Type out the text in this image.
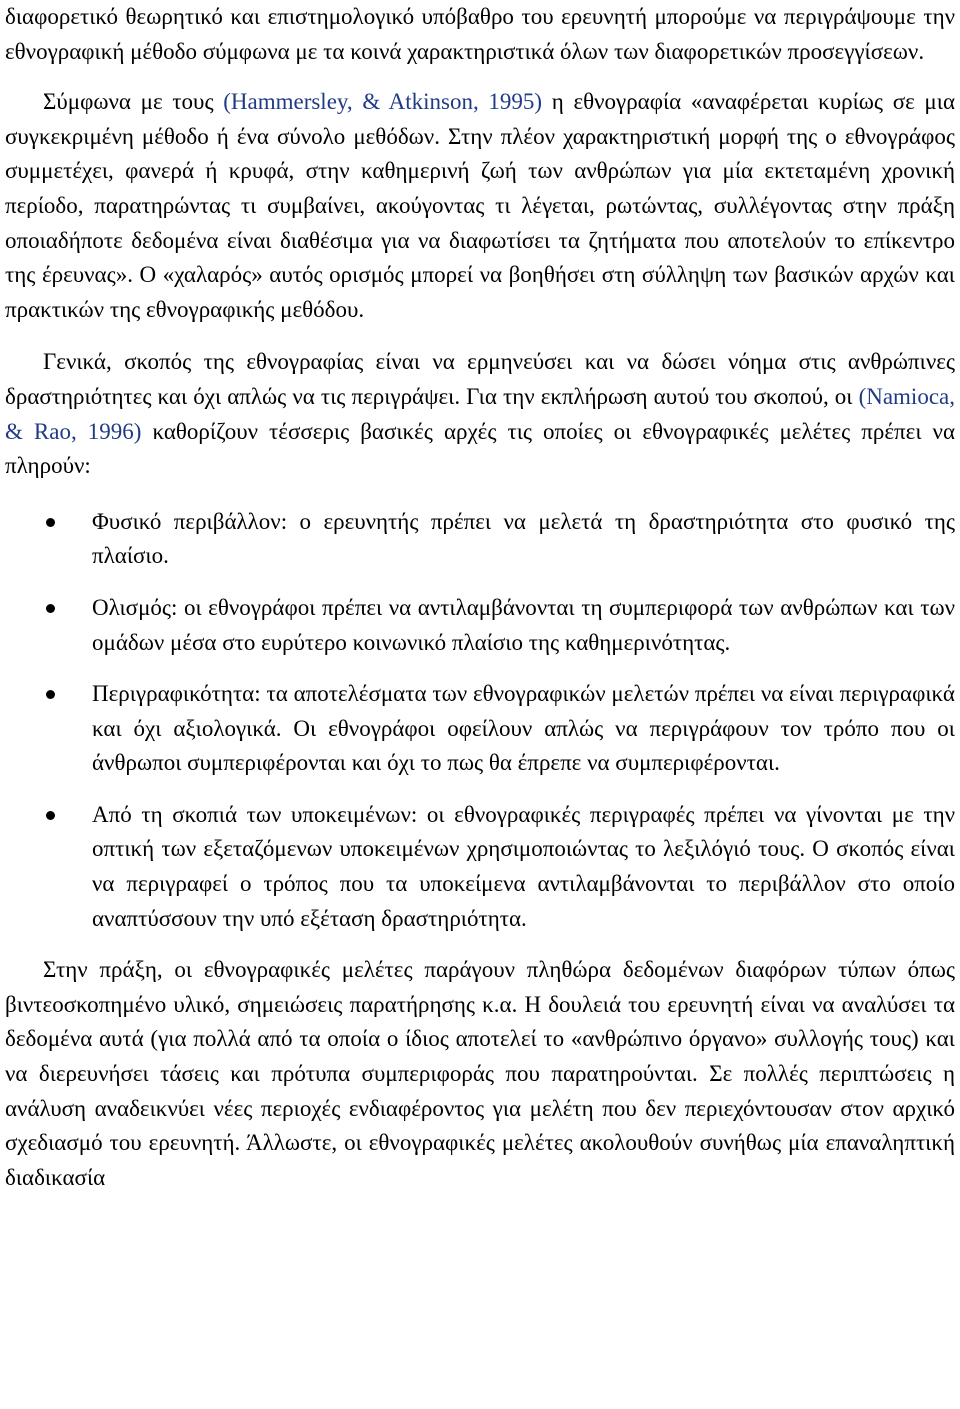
διαφορετικό θεωρητικό και επιστημολογικό υπόβαθρο του ερευνητή μπορούμε να περιγράψουμε την εθνογραφική μέθοδο σύμφωνα με τα κοινά χαρακτηριστικά όλων των διαφορετικών προσεγγίσεων.

Σύμφωνα με τους (Hammersley, & Atkinson, 1995) η εθνογραφία «αναφέρεται κυρίως σε μια συγκεκριμένη μέθοδο ή ένα σύνολο μεθόδων. Στην πλέον χαρακτηριστική μορφή της ο εθνογράφος συμμετέχει, φανερά ή κρυφά, στην καθημερινή ζωή των ανθρώπων για μία εκτεταμένη χρονική περίοδο, παρατηρώντας τι συμβαίνει, ακούγοντας τι λέγεται, ρωτώντας, συλλέγοντας στην πράξη οποιαδήποτε δεδομένα είναι διαθέσιμα για να διαφωτίσει τα ζητήματα που αποτελούν το επίκεντρο της έρευνας». Ο «χαλαρός» αυτός ορισμός μπορεί να βοηθήσει στη σύλληψη των βασικών αρχών και πρακτικών της εθνογραφικής μεθόδου.

Γενικά, σκοπός της εθνογραφίας είναι να ερμηνεύσει και να δώσει νόημα στις ανθρώπινες δραστηριότητες και όχι απλώς να τις περιγράψει. Για την εκπλήρωση αυτού του σκοπού, οι (Namioca, & Rao, 1996) καθορίζουν τέσσερις βασικές αρχές τις οποίες οι εθνογραφικές μελέτες πρέπει να πληρούν:

Φυσικό περιβάλλον: ο ερευνητής πρέπει να μελετά τη δραστηριότητα στο φυσικό της πλαίσιο.
Ολισμός: οι εθνογράφοι πρέπει να αντιλαμβάνονται τη συμπεριφορά των ανθρώπων και των ομάδων μέσα στο ευρύτερο κοινωνικό πλαίσιο της καθημερινότητας.
Περιγραφικότητα: τα αποτελέσματα των εθνογραφικών μελετών πρέπει να είναι περιγραφικά και όχι αξιολογικά. Οι εθνογράφοι οφείλουν απλώς να περιγράφουν τον τρόπο που οι άνθρωποι συμπεριφέρονται και όχι το πως θα έπρεπε να συμπεριφέρονται.
Από τη σκοπιά των υποκειμένων: οι εθνογραφικές περιγραφές πρέπει να γίνονται με την οπτική των εξεταζόμενων υποκειμένων χρησιμοποιώντας το λεξιλόγιό τους. Ο σκοπός είναι να περιγραφεί ο τρόπος που τα υποκείμενα αντιλαμβάνονται το περιβάλλον στο οποίο αναπτύσσουν την υπό εξέταση δραστηριότητα.

Στην πράξη, οι εθνογραφικές μελέτες παράγουν πληθώρα δεδομένων διαφόρων τύπων όπως βιντεοσκοπημένο υλικό, σημειώσεις παρατήρησης κ.α. Η δουλειά του ερευνητή είναι να αναλύσει τα δεδομένα αυτά (για πολλά από τα οποία ο ίδιος αποτελεί το «ανθρώπινο όργανο» συλλογής τους) και να διερευνήσει τάσεις και πρότυπα συμπεριφοράς που παρατηρούνται. Σε πολλές περιπτώσεις η ανάλυση αναδεικνύει νέες περιοχές ενδιαφέροντος για μελέτη που δεν περιεχόντουσαν στον αρχικό σχεδιασμό του ερευνητή. Άλλωστε, οι εθνογραφικές μελέτες ακολουθούν συνήθως μία επαναληπτική διαδικασία
